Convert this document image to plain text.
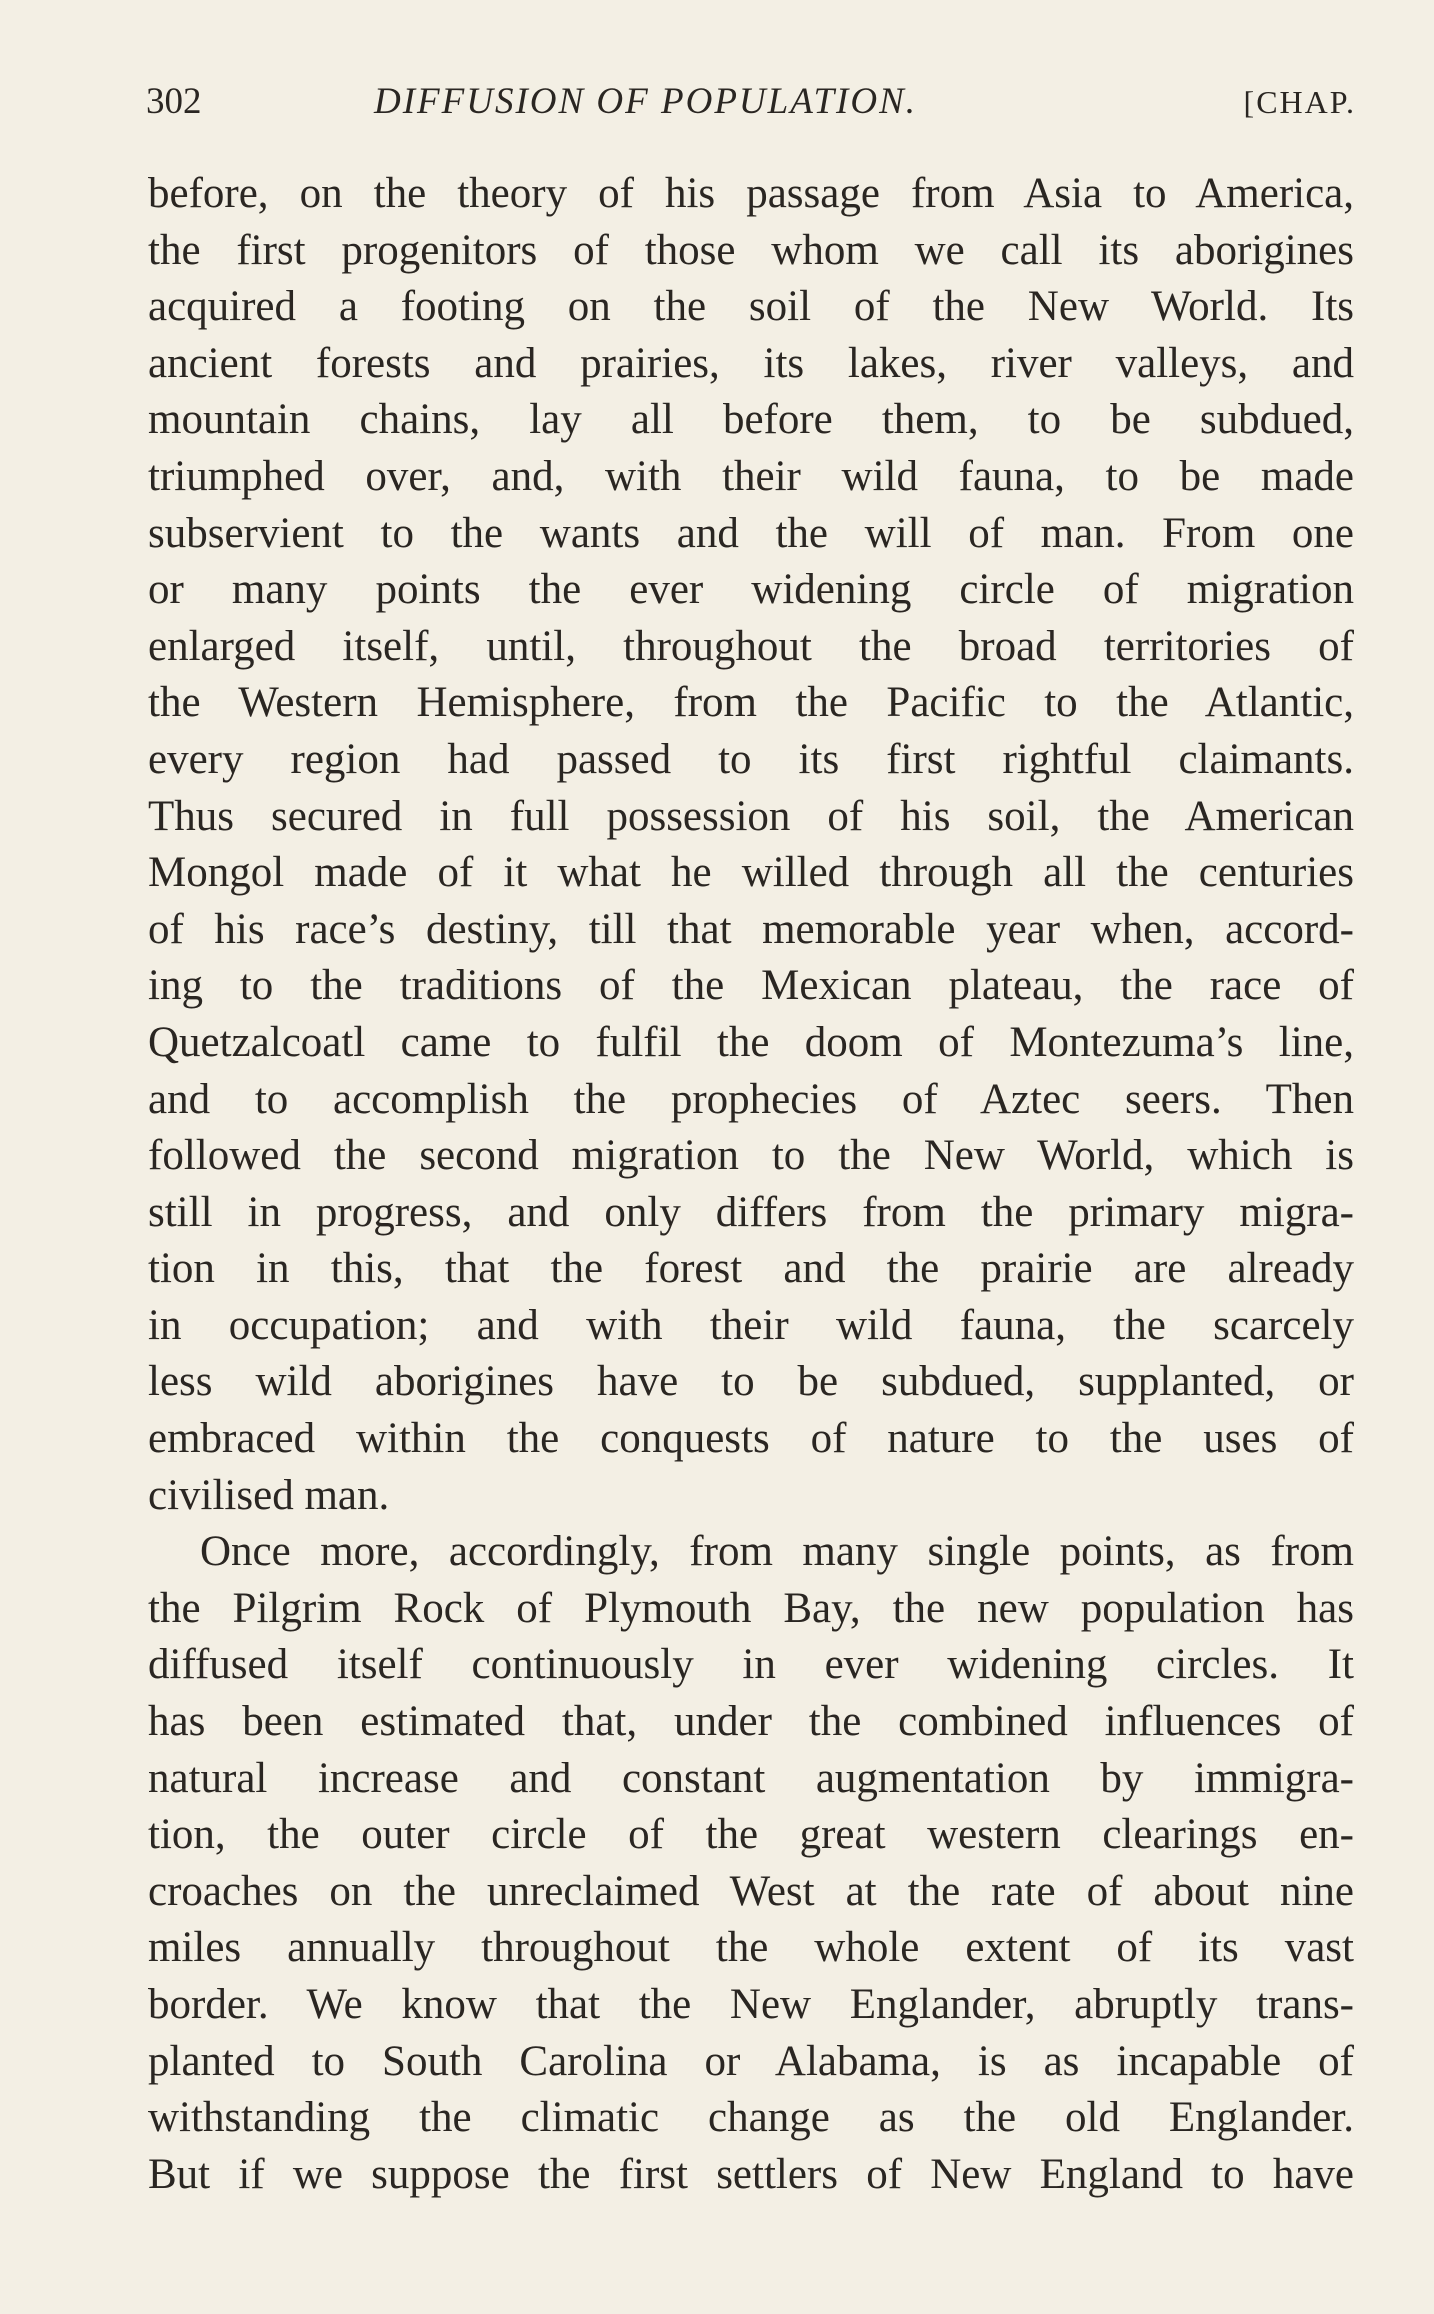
302	DIFFUSION OF POPULATION.	[CHAP.
before, on the theory of his passage from Asia to America,
the first progenitors of those whom we call its aborigines
acquired a footing on the soil of the New World. Its
ancient forests and prairies, its lakes, river valleys, and
mountain chains, lay all before them, to be subdued,
triumphed over, and, with their wild fauna, to be made
subservient to the wants and the will of man. From one
or many points the ever widening circle of migration
enlarged itself, until, throughout the broad territories of
the Western Hemisphere, from the Pacific to the Atlantic,
every region had passed to its first rightful claimants.
Thus secured in full possession of his soil, the American
Mongol made of it what he willed through all the centuries
of his race’s destiny, till that memorable year when, accord-
ing to the traditions of the Mexican plateau, the race of
Quetzalcoatl came to fulfil the doom of Montezuma’s line,
and to accomplish the prophecies of Aztec seers. Then
followed the second migration to the New World, which is
still in progress, and only differs from the primary migra-
tion in this, that the forest and the prairie are already
in occupation; and with their wild fauna, the scarcely
less wild aborigines have to be subdued, supplanted, or
embraced within the conquests of nature to the uses of
civilised man.
Once more, accordingly, from many single points, as from
the Pilgrim Rock of Plymouth Bay, the new population has
diffused itself continuously in ever widening circles. It
has been estimated that, under the combined influences of
natural increase and constant augmentation by immigra-
tion, the outer circle of the great western clearings en-
croaches on the unreclaimed West at the rate of about nine
miles annually throughout the whole extent of its vast
border. We know that the New Englander, abruptly trans-
planted to South Carolina or Alabama, is as incapable of
withstanding the climatic change as the old Englander.
But if we suppose the first settlers of New England to have
